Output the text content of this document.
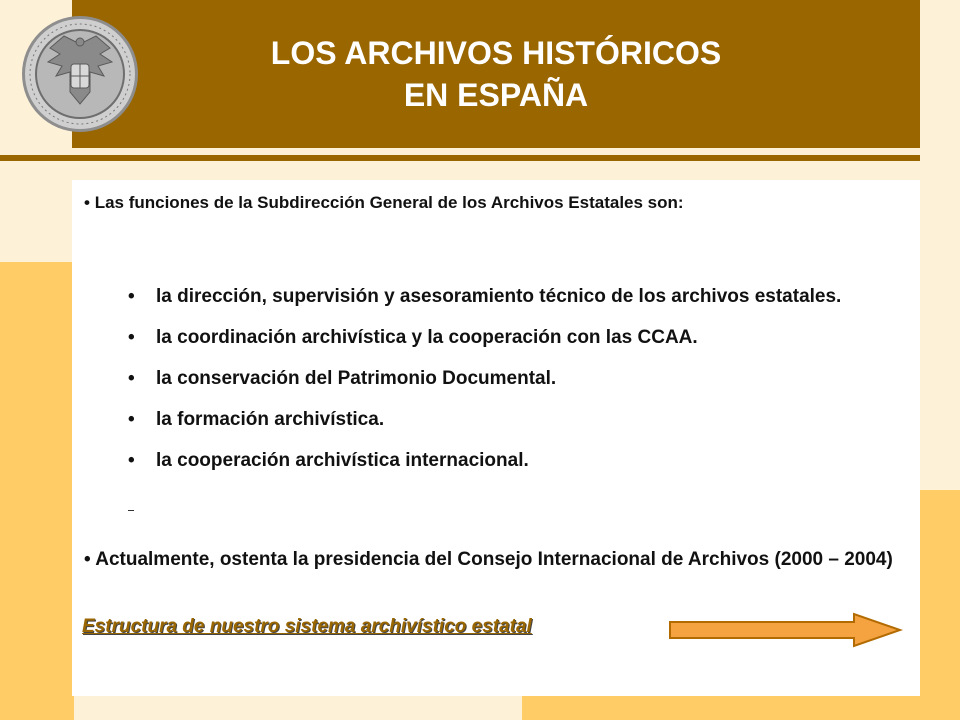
LOS ARCHIVOS HISTÓRICOS
EN ESPAÑA
• Las funciones de la Subdirección General de los Archivos Estatales son:
• la dirección, supervisión y asesoramiento técnico de los archivos estatales.
• la coordinación archivística y la cooperación con las CCAA.
• la conservación del Patrimonio Documental.
• la formación archivística.
• la cooperación archivística internacional.
• Actualmente, ostenta la presidencia del Consejo Internacional de Archivos (2000 – 2004)
Estructura de nuestro sistema archivístico estatal
